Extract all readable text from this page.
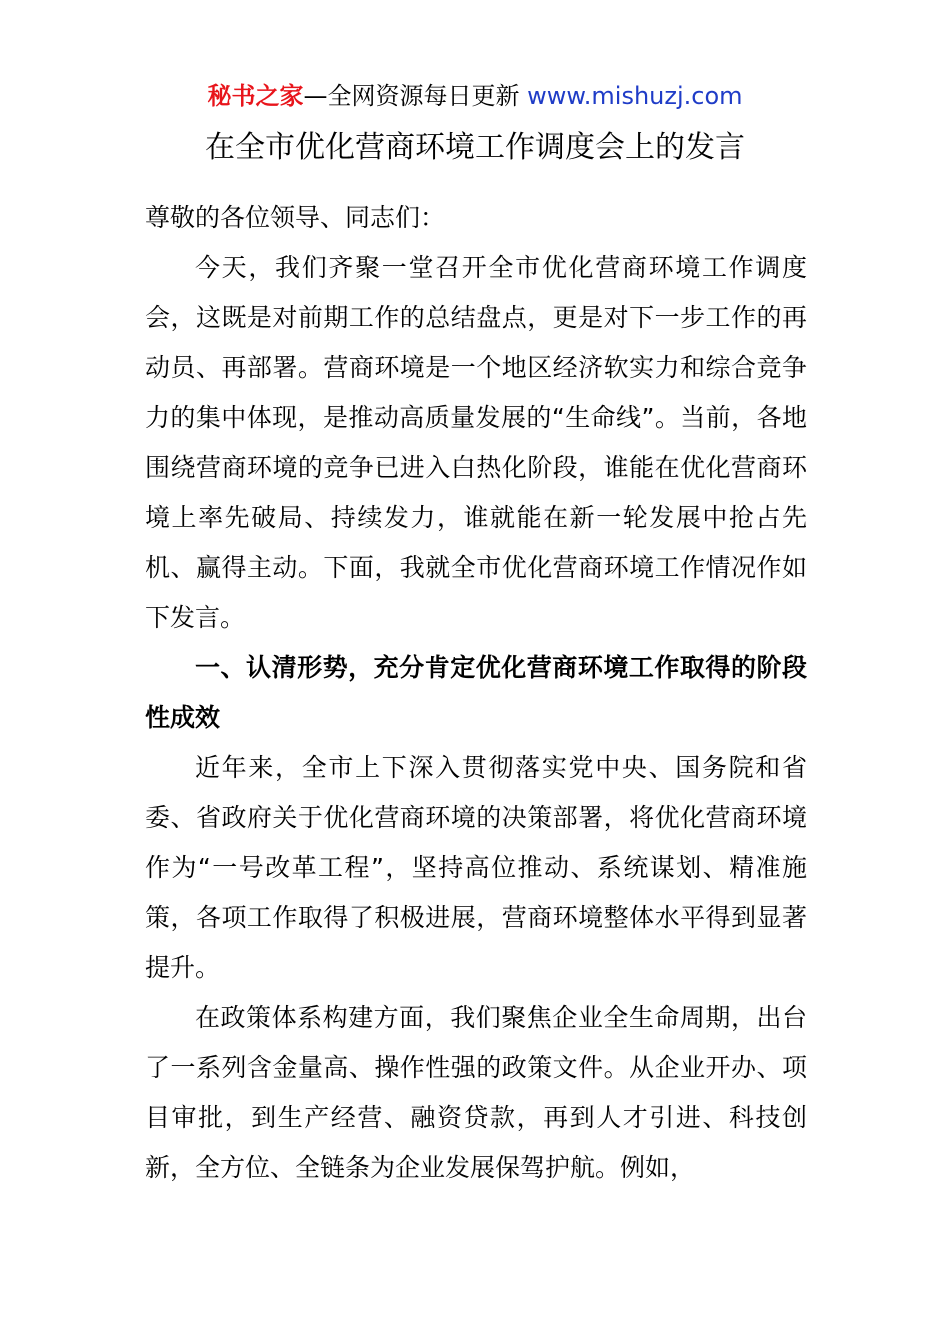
秘书之家—全网资源每日更新 www.mishuzj.com
在全市优化营商环境工作调度会上的发言

尊敬的各位领导、同志们：

今天，我们齐聚一堂召开全市优化营商环境工作调度会，这既是对前期工作的总结盘点，更是对下一步工作的再动员、再部署。营商环境是一个地区经济软实力和综合竞争力的集中体现，是推动高质量发展的“生命线”。当前，各地围绕营商环境的竞争已进入白热化阶段，谁能在优化营商环境上率先破局、持续发力，谁就能在新一轮发展中抢占先机、赢得主动。下面，我就全市优化营商环境工作情况作如下发言。

一、认清形势，充分肯定优化营商环境工作取得的阶段性成效

近年来，全市上下深入贯彻落实党中央、国务院和省委、省政府关于优化营商环境的决策部署，将优化营商环境作为“一号改革工程”，坚持高位推动、系统谋划、精准施策，各项工作取得了积极进展，营商环境整体水平得到显著提升。

在政策体系构建方面，我们聚焦企业全生命周期，出台了一系列含金量高、操作性强的政策文件。从企业开办、项目审批，到生产经营、融资贷款，再到人才引进、科技创新，全方位、全链条为企业发展保驾护航。例如，
